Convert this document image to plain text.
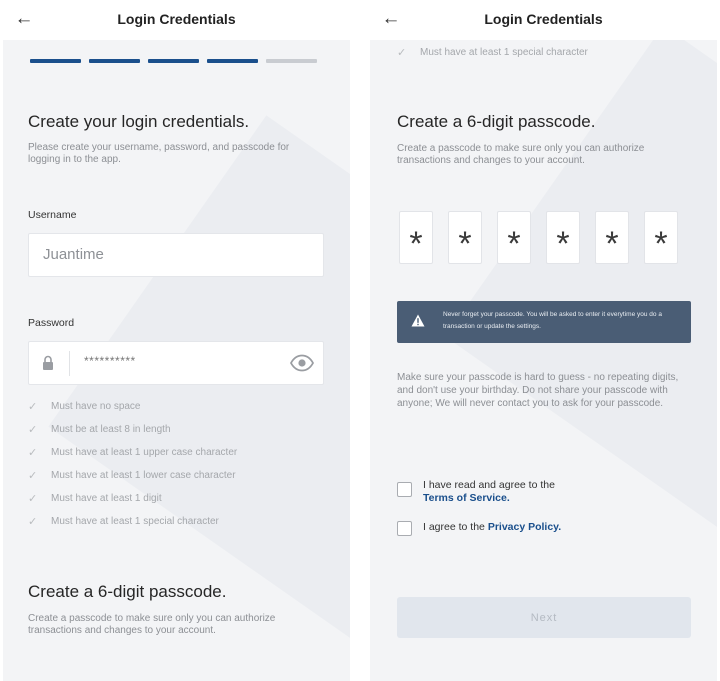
←	Login Credentials
Create your login credentials.
Please create your username, password, and passcode for logging in to the app.
Username
Juantime
Password
**********
✓	Must have no space
✓	Must be at least 8 in length
✓	Must have at least 1 upper case character
✓	Must have at least 1 lower case character
✓	Must have at least 1 digit
✓	Must have at least 1 special character
Create a 6-digit passcode.
Create a passcode to make sure only you can authorize transactions and changes to your account.
←	Login Credentials
✓	Must have at least 1 special character
Create a 6-digit passcode.
Create a passcode to make sure only you can authorize transactions and changes to your account.
*	*	*	*	*	*
Never forget your passcode. You will be asked to enter it everytime you do a transaction or update the settings.
Make sure your passcode is hard to guess - no repeating digits, and don't use your birthday. Do not share your passcode with anyone; We will never contact you to ask for your passcode.
I have read and agree to the
Terms of Service.
I agree to the Privacy Policy.
Next
